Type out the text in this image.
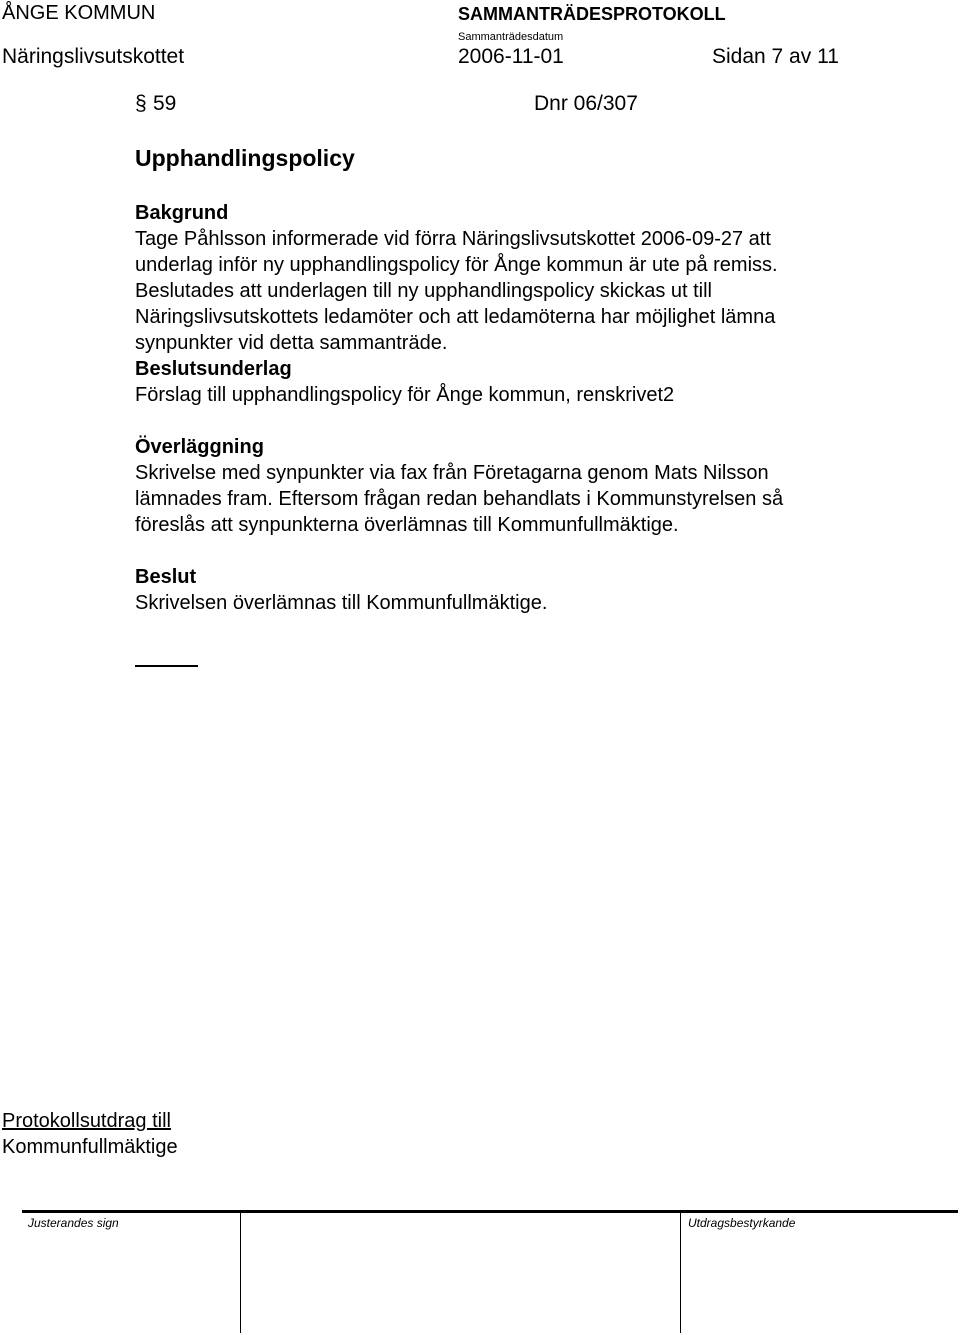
ÅNGE KOMMUN	SAMMANTRÄDESPROTOKOLL
Näringslivsutskottet
Sammanträdesdatum
2006-11-01	Sidan 7 av 11
§ 59	Dnr 06/307
Upphandlingspolicy
Bakgrund

Tage Påhlsson informerade vid förra Näringslivsutskottet 2006-09-27 att

underlag inför ny upphandlingspolicy för Ånge kommun är ute på remiss.

Beslutades att underlagen till ny upphandlingspolicy skickas ut till

Näringslivsutskottets ledamöter och att ledamöterna har möjlighet lämna

synpunkter vid detta sammanträde.

Beslutsunderlag

Förslag till upphandlingspolicy för Ånge kommun, renskrivet2

Överläggning

Skrivelse med synpunkter via fax från Företagarna genom Mats Nilsson

lämnades fram. Eftersom frågan redan behandlats i Kommunstyrelsen så

föreslås att synpunkterna överlämnas till Kommunfullmäktige.

Beslut

Skrivelsen överlämnas till Kommunfullmäktige.

Protokollsutdrag till
Kommunfullmäktige
Justerandes sign	Utdragsbestyrkande
